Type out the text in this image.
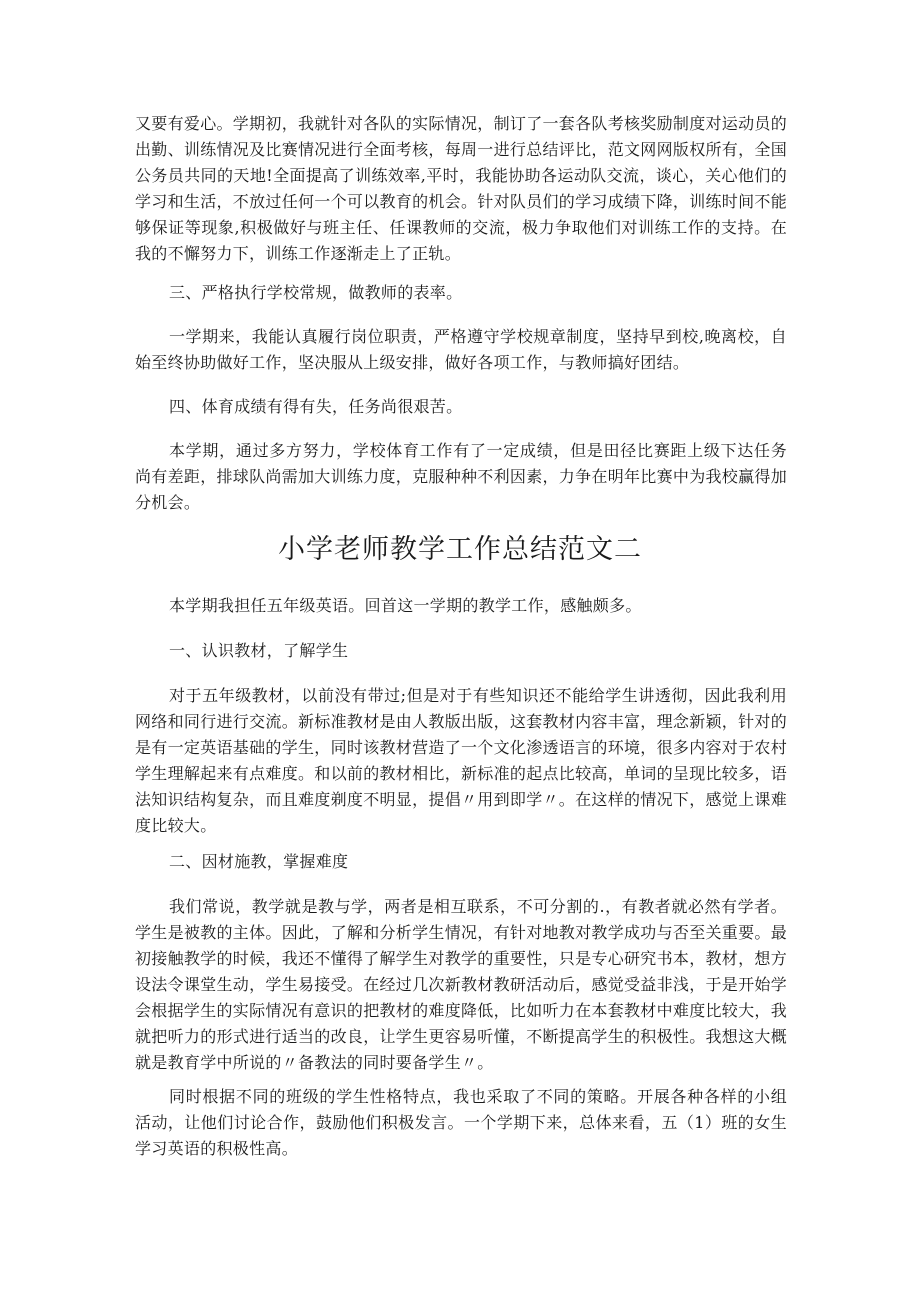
又要有爱心。学期初，我就针对各队的实际情况，制订了一套各队考核奖励制度对运动员的出勤、训练情况及比赛情况进行全面考核，每周一进行总结评比，范文网网版权所有，全国公务员共同的天地!全面提高了训练效率,平时，我能协助各运动队交流，谈心，关心他们的学习和生活，不放过任何一个可以教育的机会。针对队员们的学习成绩下降，训练时间不能够保证等现象,积极做好与班主任、任课教师的交流，极力争取他们对训练工作的支持。在我的不懈努力下，训练工作逐渐走上了正轨。

三、严格执行学校常规，做教师的表率。

一学期来，我能认真履行岗位职责，严格遵守学校规章制度，坚持早到校,晚离校，自始至终协助做好工作，坚决服从上级安排，做好各项工作，与教师搞好团结。

四、体育成绩有得有失，任务尚很艰苦。

本学期，通过多方努力，学校体育工作有了一定成绩，但是田径比赛距上级下达任务尚有差距，排球队尚需加大训练力度，克服种种不利因素，力争在明年比赛中为我校赢得加分机会。

小学老师教学工作总结范文二

本学期我担任五年级英语。回首这一学期的教学工作，感触颇多。

一、认识教材，了解学生

对于五年级教材，以前没有带过;但是对于有些知识还不能给学生讲透彻，因此我利用网络和同行进行交流。新标准教材是由人教版出版，这套教材内容丰富，理念新颖，针对的是有一定英语基础的学生，同时该教材营造了一个文化渗透语言的环境，很多内容对于农村学生理解起来有点难度。和以前的教材相比，新标准的起点比较高，单词的呈现比较多，语法知识结构复杂，而且难度剃度不明显，提倡〃用到即学〃。在这样的情况下，感觉上课难度比较大。

二、因材施教，掌握难度

我们常说，教学就是教与学，两者是相互联系，不可分割的.，有教者就必然有学者。学生是被教的主体。因此，了解和分析学生情况，有针对地教对教学成功与否至关重要。最初接触教学的时候，我还不懂得了解学生对教学的重要性，只是专心研究书本，教材，想方设法令课堂生动，学生易接受。在经过几次新教材教研活动后，感觉受益非浅，于是开始学会根据学生的实际情况有意识的把教材的难度降低，比如听力在本套教材中难度比较大，我就把听力的形式进行适当的改良，让学生更容易听懂，不断提高学生的积极性。我想这大概就是教育学中所说的〃备教法的同时要备学生〃。

同时根据不同的班级的学生性格特点，我也采取了不同的策略。开展各种各样的小组活动，让他们讨论合作，鼓励他们积极发言。一个学期下来，总体来看，五（1）班的女生学习英语的积极性高。
